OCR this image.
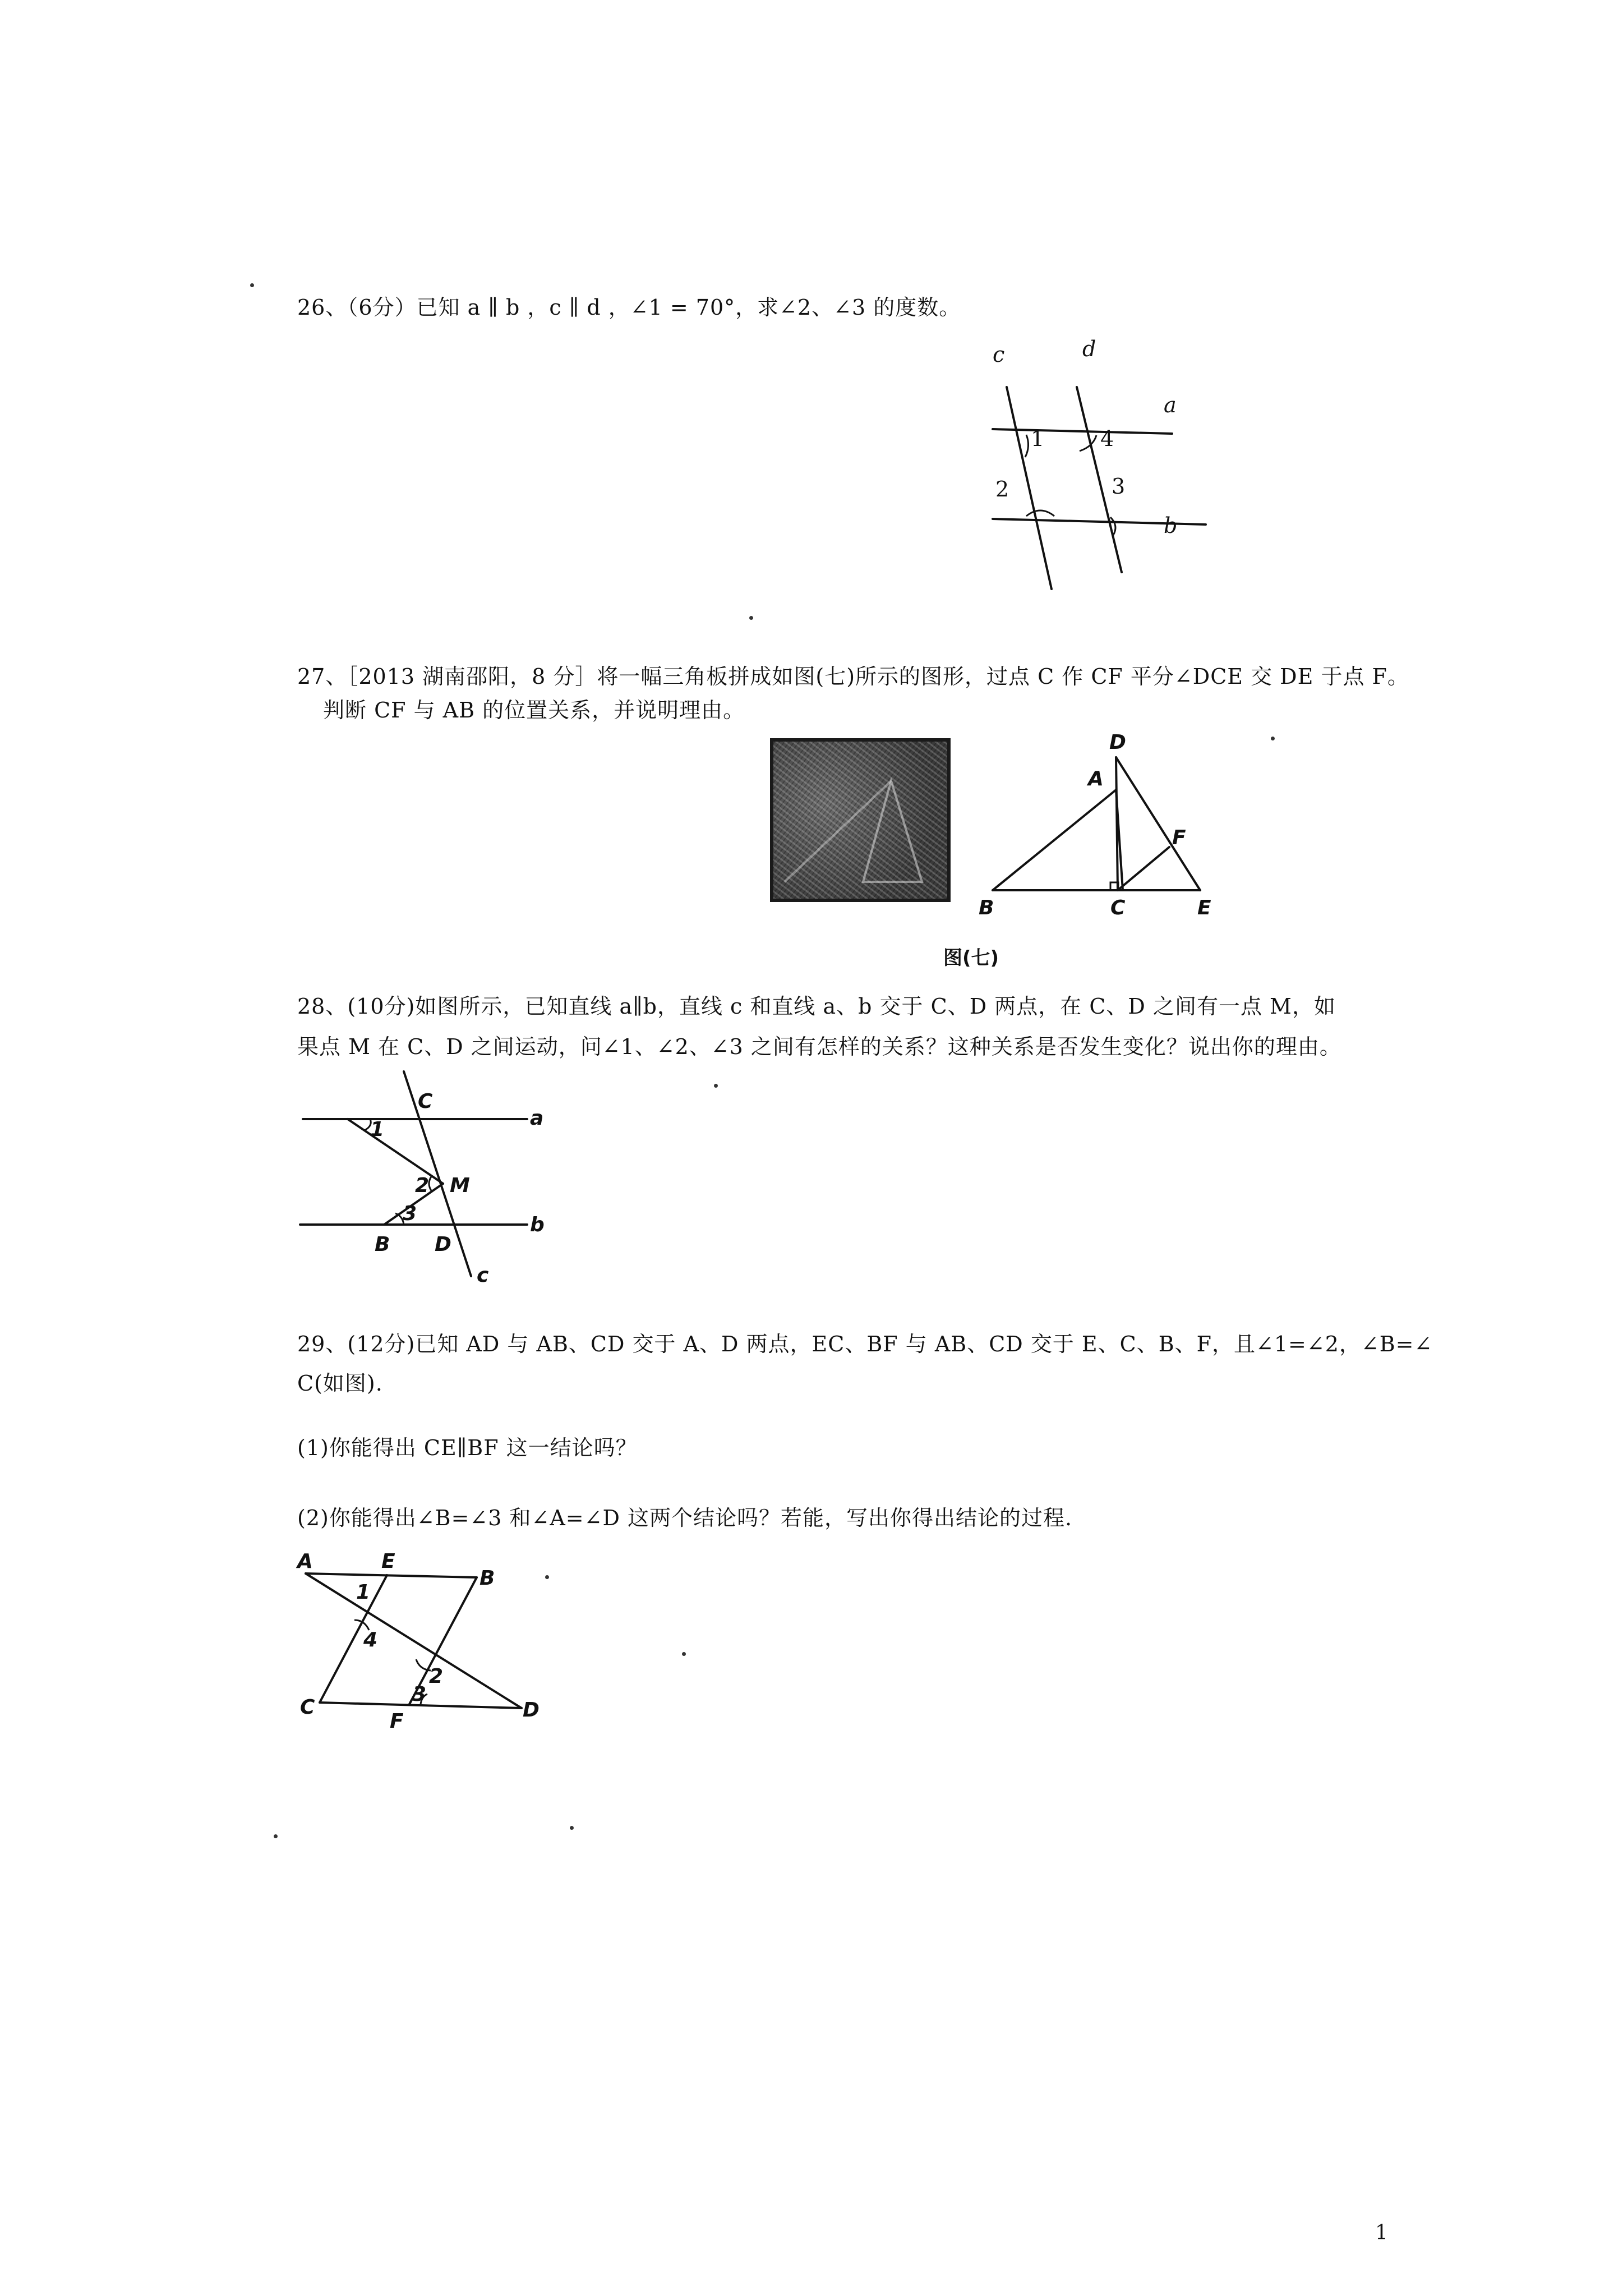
26、（6分）已知 a ∥ b ，c ∥ d ，∠1 = 70°，求∠2、∠3 的度数。
c	d
a
b
1	4
2	3
27、［2013 湖南邵阳，8 分］将一幅三角板拼成如图(七)所示的图形，过点 C 作 CF 平分∠DCE 交 DE 于点 F。
判断 CF 与 AB 的位置关系，并说明理由。
D
A
F
B	C	E
图(七)
28、(10分)如图所示，已知直线 a∥b，直线 c 和直线 a、b 交于 C、D 两点，在 C、D 之间有一点 M，如
果点 M 在 C、D 之间运动，问∠1、∠2、∠3 之间有怎样的关系？这种关系是否发生变化？说出你的理由。
C
a
1
2 M
3	b
B D
c
29、(12分)已知 AD 与 AB、CD 交于 A、D 两点，EC、BF 与 AB、CD 交于 E、C、B、F，且∠1=∠2，∠B=∠
C(如图).
(1)你能得出 CE∥BF 这一结论吗？
(2)你能得出∠B=∠3 和∠A=∠D 这两个结论吗？若能，写出你得出结论的过程.
A	E
B
1
4
2
3
C
F	D
1
